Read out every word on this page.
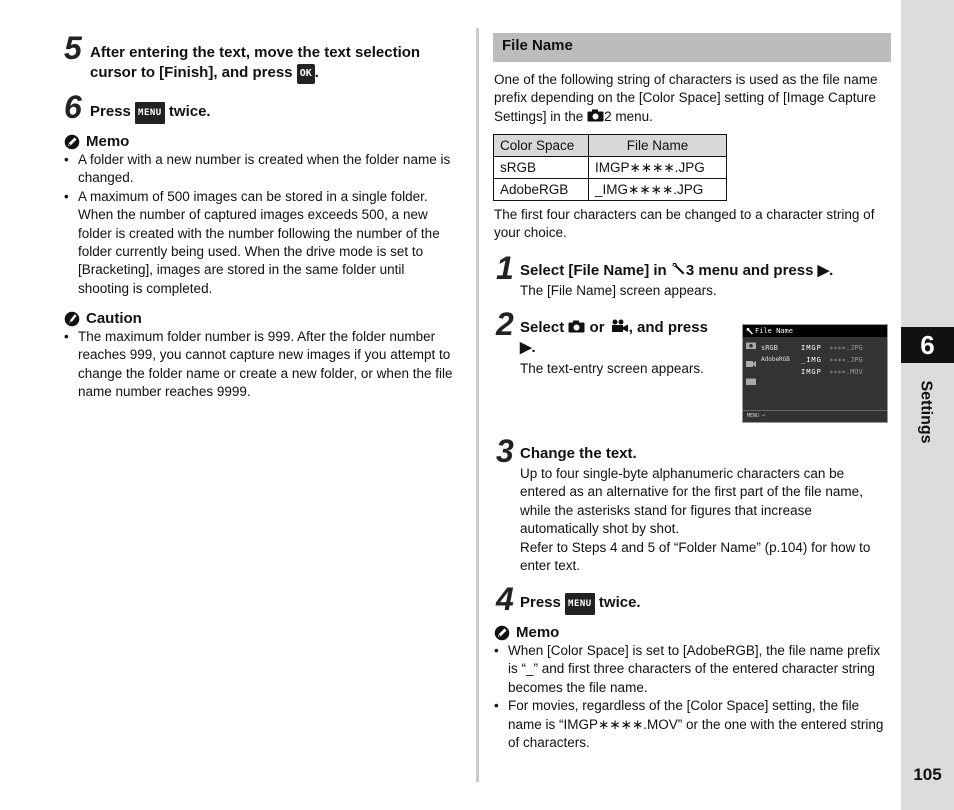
5 After entering the text, move the text selection cursor to [Finish], and press OK .
6 Press MENU twice.
Memo
• A folder with a new number is created when the folder name is changed.
• A maximum of 500 images can be stored in a single folder. When the number of captured images exceeds 500, a new folder is created with the number following the number of the folder currently being used. When the drive mode is set to [Bracketing], images are stored in the same folder until shooting is completed.
Caution
• The maximum folder number is 999. After the folder number reaches 999, you cannot capture new images if you attempt to change the folder name or create a new folder, or when the file name number reaches 9999.
File Name
One of the following string of characters is used as the file name prefix depending on the [Color Space] setting of [Image Capture Settings] in the 2 menu.
Color Space	File Name
sRGB	IMGP∗∗∗∗.JPG
AdobeRGB	_IMG∗∗∗∗.JPG
The first four characters can be changed to a character string of your choice.
1 Select [File Name] in 3 menu and press ▶.
The [File Name] screen appears.
2 Select  or , and press
▶.
The text-entry screen appears.
File Name
sRGB	IMGP	∗∗∗∗.JPG
AdobeRGB	_IMG	∗∗∗∗.JPG
IMGP	∗∗∗∗.MOV
MENU ↩
3 Change the text.
Up to four single-byte alphanumeric characters can be entered as an alternative for the first part of the file name, while the asterisks stand for figures that increase automatically shot by shot.
Refer to Steps 4 and 5 of “Folder Name” (p.104) for how to enter text.
4 Press MENU twice.
Memo
• When [Color Space] is set to [AdobeRGB], the file name prefix is “_” and first three characters of the entered character string becomes the file name.
• For movies, regardless of the [Color Space] setting, the file name is “IMGP∗∗∗∗.MOV” or the one with the entered string of characters.
6
Settings
105
